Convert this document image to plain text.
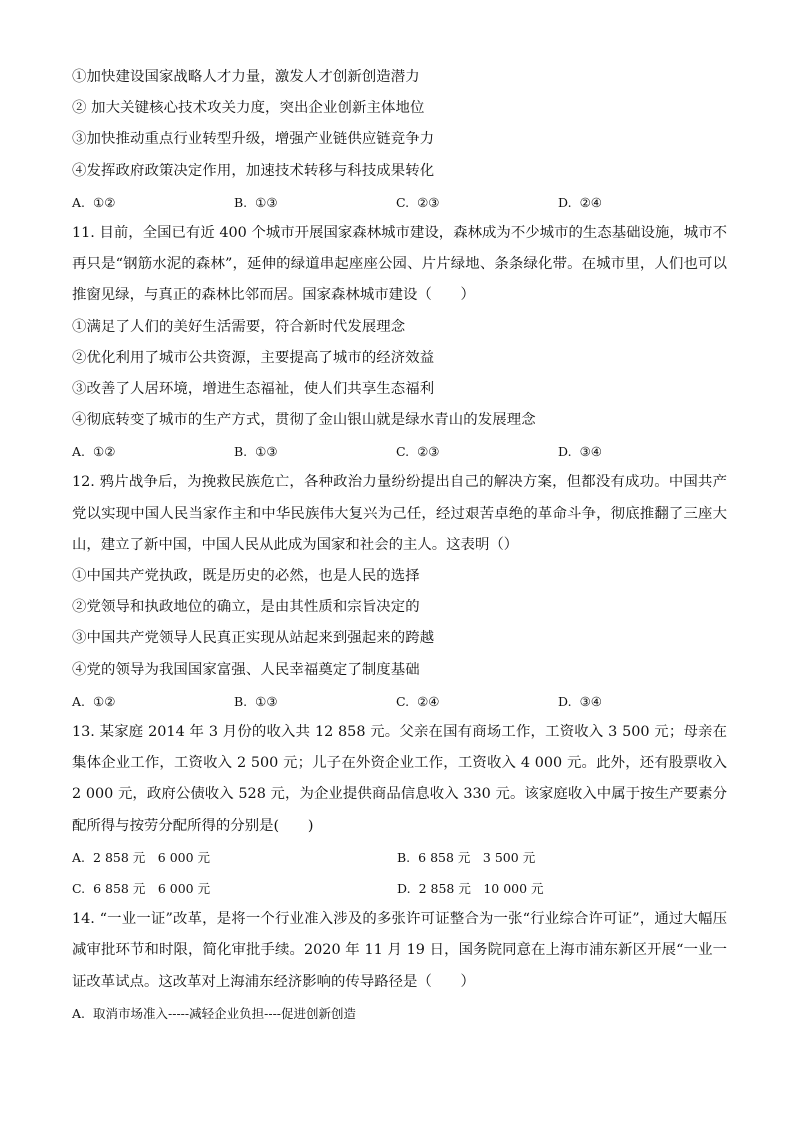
①加快建设国家战略人才力量，激发人才创新创造潜力
② 加大关键核心技术攻关力度，突出企业创新主体地位
③加快推动重点行业转型升级，增强产业链供应链竞争力
④发挥政府政策决定作用，加速技术转移与科技成果转化
A. ①②	B. ①③	C. ②③	D. ②④
11. 目前，全国已有近 400 个城市开展国家森林城市建设，森林成为不少城市的生态基础设施，城市不再只是“钢筋水泥的森林”，延伸的绿道串起座座公园、片片绿地、条条绿化带。在城市里，人们也可以推窗见绿，与真正的森林比邻而居。国家森林城市建设（　　）
①满足了人们的美好生活需要，符合新时代发展理念
②优化利用了城市公共资源，主要提高了城市的经济效益
③改善了人居环境，增进生态福祉，使人们共享生态福利
④彻底转变了城市的生产方式，贯彻了金山银山就是绿水青山的发展理念
A. ①②	B. ①③	C. ②③	D. ③④
12. 鸦片战争后，为挽救民族危亡，各种政治力量纷纷提出自己的解决方案，但都没有成功。中国共产党以实现中国人民当家作主和中华民族伟大复兴为己任，经过艰苦卓绝的革命斗争，彻底推翻了三座大山，建立了新中国，中国人民从此成为国家和社会的主人。这表明（）
①中国共产党执政，既是历史的必然，也是人民的选择
②党领导和执政地位的确立，是由其性质和宗旨决定的
③中国共产党领导人民真正实现从站起来到强起来的跨越
④党的领导为我国国家富强、人民幸福奠定了制度基础
A. ①②	B. ①③	C. ②④	D. ③④
13. 某家庭 2014 年 3 月份的收入共 12 858 元。父亲在国有商场工作，工资收入 3 500 元；母亲在集体企业工作，工资收入 2 500 元；儿子在外资企业工作，工资收入 4 000 元。此外，还有股票收入 2 000 元，政府公债收入 528 元，为企业提供商品信息收入 330 元。该家庭收入中属于按生产要素分配所得与按劳分配所得的分别是(　　)
A. 2 858 元　6 000 元	B. 6 858 元　3 500 元
C. 6 858 元　6 000 元	D. 2 858 元　10 000 元
14. “一业一证”改革，是将一个行业准入涉及的多张许可证整合为一张“行业综合许可证”，通过大幅压减审批环节和时限，简化审批手续。2020 年 11 月 19 日，国务院同意在上海市浦东新区开展“一业一证改革试点。这改革对上海浦东经济影响的传导路径是（　　）
A. 取消市场准入-----减轻企业负担----促进创新创造
